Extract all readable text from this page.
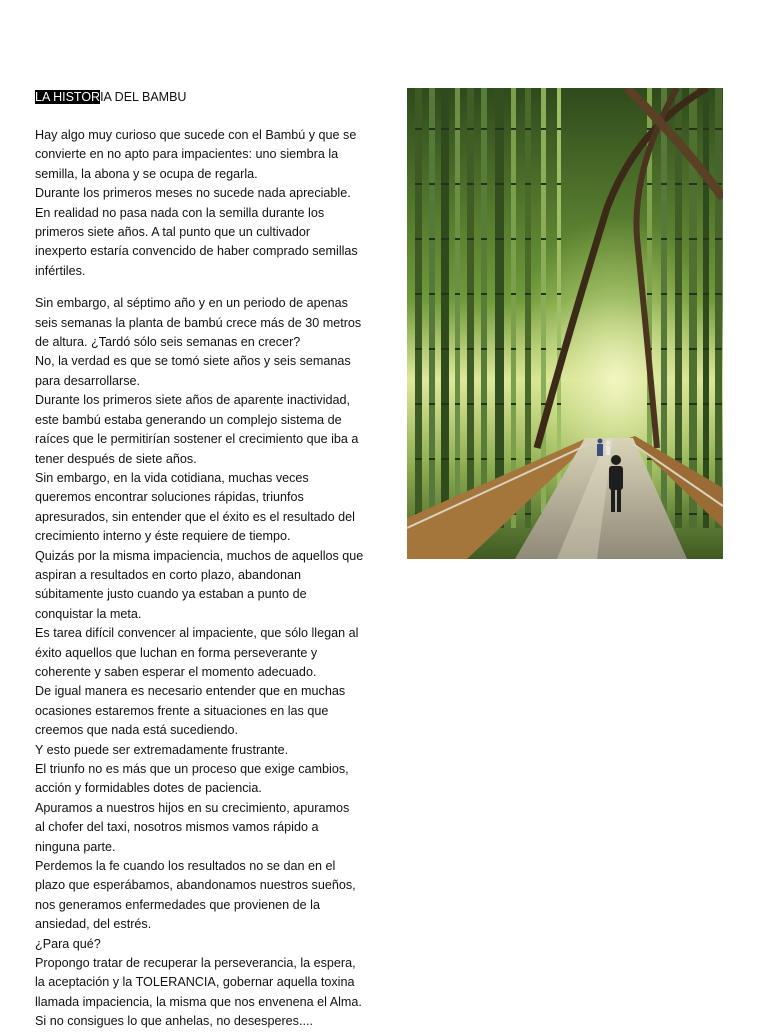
LA HISTORIA DEL BAMBU
Hay algo muy curioso que sucede con el Bambú y que se
convierte en no apto para impacientes: uno siembra la
semilla, la abona y se ocupa de regarla.
Durante los primeros meses no sucede nada apreciable.
En realidad no pasa nada con la semilla durante los
primeros siete años. A tal punto que un cultivador
inexperto estaría convencido de haber comprado semillas
infértiles.
Sin embargo, al séptimo año y en un periodo de apenas
seis semanas la planta de bambú crece más de 30 metros
de altura. ¿Tardó sólo seis semanas en crecer?
No, la verdad es que se tomó siete años y seis semanas
para desarrollarse.
Durante los primeros siete años de aparente inactividad,
este bambú estaba generando un complejo sistema de
raíces que le permitirían sostener el crecimiento que iba a
tener después de siete años.
Sin embargo, en la vida cotidiana, muchas veces
queremos encontrar soluciones rápidas, triunfos
apresurados, sin entender que el éxito es el resultado del
crecimiento interno y éste requiere de tiempo.
Quizás por la misma impaciencia, muchos de aquellos que
aspiran a resultados en corto plazo, abandonan
súbitamente justo cuando ya estaban a punto de
conquistar la meta.
Es tarea difícil convencer al impaciente, que sólo llegan al
éxito aquellos que luchan en forma perseverante y
coherente y saben esperar el momento adecuado.
De igual manera es necesario entender que en muchas
ocasiones estaremos frente a situaciones en las que
creemos que nada está sucediendo.
Y esto puede ser extremadamente frustrante.
El triunfo no es más que un proceso que exige cambios,
acción y formidables dotes de paciencia.
Apuramos a nuestros hijos en su crecimiento, apuramos
al chofer del taxi, nosotros mismos vamos rápido a
ninguna parte.
Perdemos la fe cuando los resultados no se dan en el
plazo que esperábamos, abandonamos nuestros sueños,
nos generamos enfermedades que provienen de la
ansiedad, del estrés.
¿Para qué?
Propongo tratar de recuperar la perseverancia, la espera,
la aceptación y la TOLERANCIA, gobernar aquella toxina
llamada impaciencia, la misma que nos envenena el Alma.
Si no consigues lo que anhelas, no desesperes....
